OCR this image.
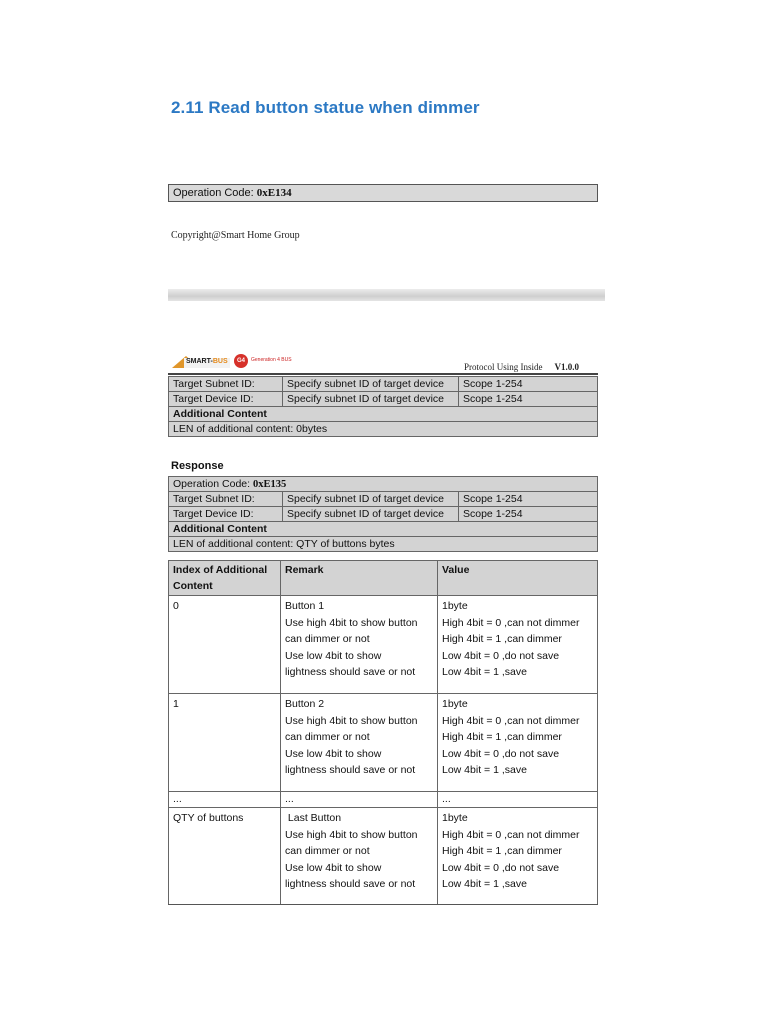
2.11 Read button statue when dimmer
Operation Code: 0xE134
Copyright@Smart Home Group
SMART-BUS	G4	Generation 4 BUS
Protocol Using Inside V1.0.0
Target Subnet ID:	Specify subnet ID of target device	Scope 1-254
Target Device ID:	Specify subnet ID of target device	Scope 1-254
Additional Content		
LEN of additional content: 0bytes		
Response
Operation Code: 0xE135		
Target Subnet ID:	Specify subnet ID of target device	Scope 1-254
Target Device ID:	Specify subnet ID of target device	Scope 1-254
Additional Content		
LEN of additional content: QTY of buttons bytes		
Index of Additional Content	Remark	Value
0	Button 1
Use high 4bit to show button
can dimmer or not
Use low 4bit to show
lightness should save or not	1byte
High 4bit = 0 ,can not dimmer
High 4bit = 1 ,can dimmer
Low 4bit = 0 ,do not save
Low 4bit = 1 ,save

1	Button 2
Use high 4bit to show button
can dimmer or not
Use low 4bit to show
lightness should save or not	1byte
High 4bit = 0 ,can not dimmer
High 4bit = 1 ,can dimmer
Low 4bit = 0 ,do not save
Low 4bit = 1 ,save

...	...	...
QTY of buttons	Last Button
Use high 4bit to show button
can dimmer or not
Use low 4bit to show
lightness should save or not	1byte
High 4bit = 0 ,can not dimmer
High 4bit = 1 ,can dimmer
Low 4bit = 0 ,do not save
Low 4bit = 1 ,save
